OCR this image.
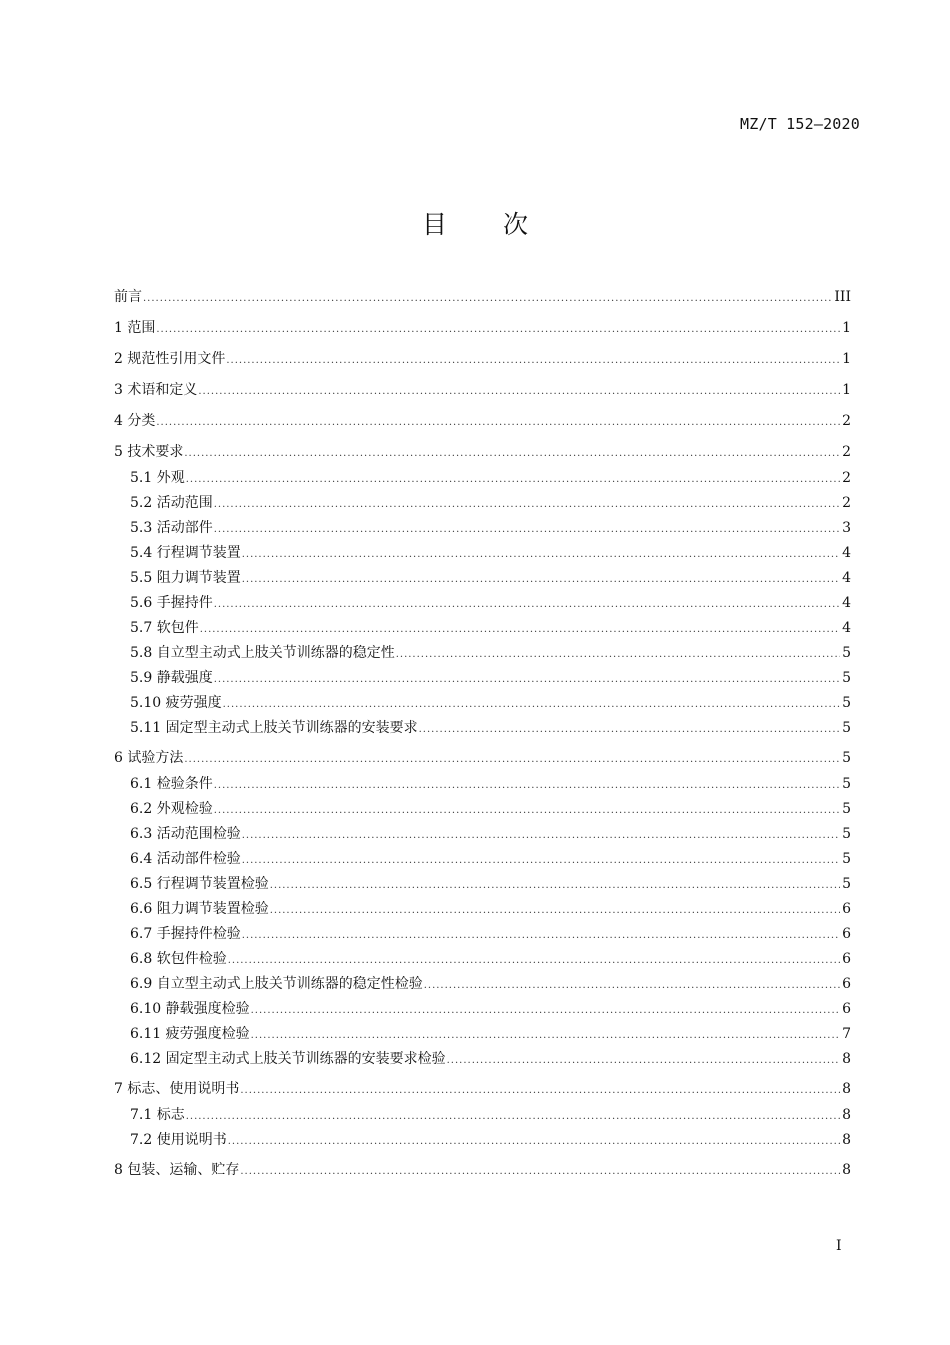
MZ/T 152—2020
目 次
前言 .....	III
1 范围 .....	1
2 规范性引用文件 .....	1
3 术语和定义 .....	1
4 分类 .....	2
5 技术要求 .....	2
5.1 外观 .....	2
5.2 活动范围 .....	2
5.3 活动部件 .....	3
5.4 行程调节装置 .....	4
5.5 阻力调节装置 .....	4
5.6 手握持件 .....	4
5.7 软包件 .....	4
5.8 自立型主动式上肢关节训练器的稳定性 .....	5
5.9 静载强度 .....	5
5.10 疲劳强度 .....	5
5.11 固定型主动式上肢关节训练器的安装要求 .....	5
6 试验方法 .....	5
6.1 检验条件 .....	5
6.2 外观检验 .....	5
6.3 活动范围检验 .....	5
6.4 活动部件检验 .....	5
6.5 行程调节装置检验 .....	5
6.6 阻力调节装置检验 .....	6
6.7 手握持件检验 .....	6
6.8 软包件检验 .....	6
6.9 自立型主动式上肢关节训练器的稳定性检验 .....	6
6.10 静载强度检验 .....	6
6.11 疲劳强度检验 .....	7
6.12 固定型主动式上肢关节训练器的安装要求检验 .....	8
7 标志、使用说明书 .....	8
7.1 标志 .....	8
7.2 使用说明书 .....	8
8 包装、运输、贮存 .....	8
I
